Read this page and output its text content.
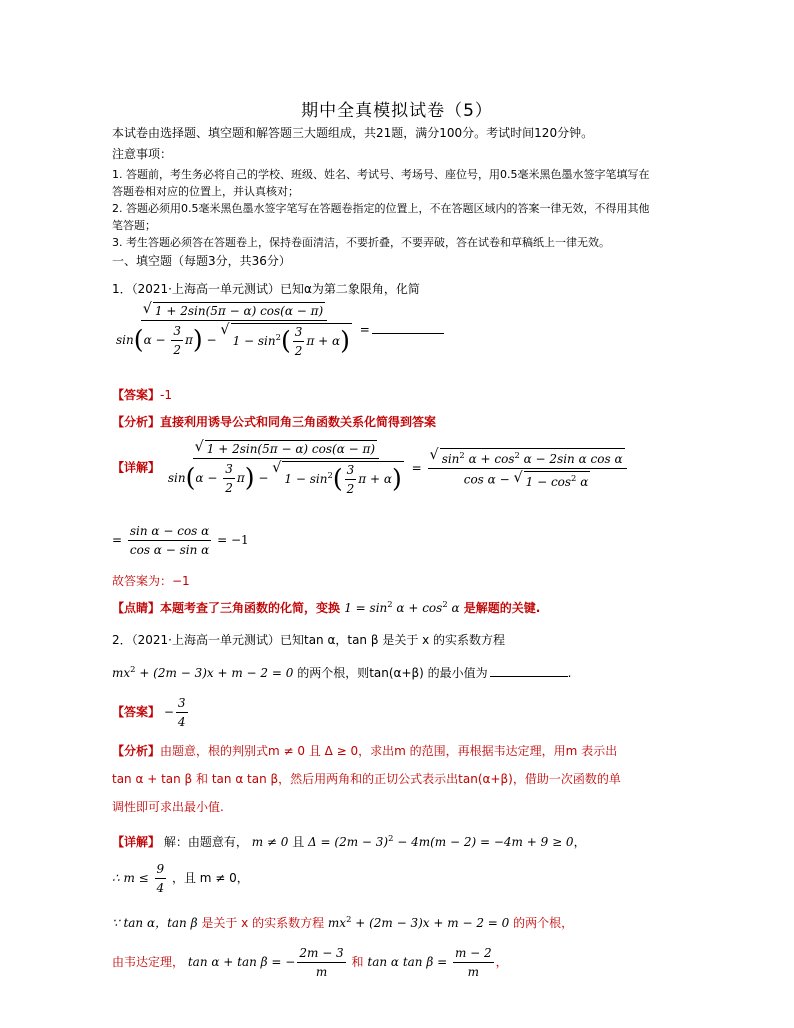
期中全真模拟试卷（5）
本试卷由选择题、填空题和解答题三大题组成，共21题，满分100分。考试时间120分钟。
注意事项：
1. 答题前，考生务必将自己的学校、班级、姓名、考试号、考场号、座位号，用0.5毫米黑色墨水签字笔填写在
答题卷相对应的位置上，并认真核对；
2. 答题必须用0.5毫米黑色墨水签字笔写在答题卷指定的位置上，不在答题区域内的答案一律无效，不得用其他
笔答题；
3. 考生答题必须答在答题卷上，保持卷面清洁，不要折叠，不要弄破，答在试卷和草稿纸上一律无效。
一、填空题（每题3分，共36分）
1．（2021·上海高一单元测试）已知α为第二象限角，化简
√ 1 + 2sin(5π − α) cos(α − π)
$\sin(\alpha - \frac{3}{2} \pi)$ −
√
$1 - \sin^2( \frac{3}{2}$ π + α) =
【答案】-1
【分析】直接利用诱导公式和同角三角函数关系化简得到答案
【详解】 √ 1 + 2sin(5π − α) cos(α − π)
$\sin(\alpha - \frac{3}{2} \pi)$ −
√
$1 - \sin^2( \frac{3}{2}$ $\pi + \alpha) = \frac{√ \sin^2 \alpha + \cos^2 \alpha - 2\sin \alpha \cos \alpha}{\cos \alpha - √ 1 - \cos^2 \alpha}$
= $\frac{\text{sin α − cos α}}{\text{cos α − sin α}} = -1$
故答案为：−1
【点睛】本题考查了三角函数的化简，变换 $1 = \sin^2 \alpha + \cos^2 \alpha$ 是解题的关键.
2．（2021·上海高一单元测试）已知tan α，tan β 是关于 x 的实系数方程
$mx^2 + (2m - 3)x + m - 2 = 0$ 的两个根，则tan(α+β) 的最小值为	.
【答案】 − $\frac{3}{4}$
【分析】由题意，根的判别式m ≠ 0 且 Δ ≥ 0，求出m 的范围，再根据韦达定理，用m 表示出
tan α + tan β 和 tan α tan β，然后用两角和的正切公式表示出tan(α+β)，借助一次函数的单
调性即可求出最小值.
【详解】 解：由题意有， m ≠ 0 且 $\Delta = (2m - 3)^2 - 4m(m - 2) = -4m + 9 \ge 0$，
∴ $m \le \frac{9}{4}$ ，且 m ≠ 0，
∵ tan α，tan β 是关于 x 的实系数方程 $mx^2 + (2m - 3)x + m - 2 = 0$ 的两个根，
由韦达定理， tan α + tan β = − $\frac{2m - 3}{m}$ 和 tan α $\tan \beta = \frac{m - 2}{m}$ ，
